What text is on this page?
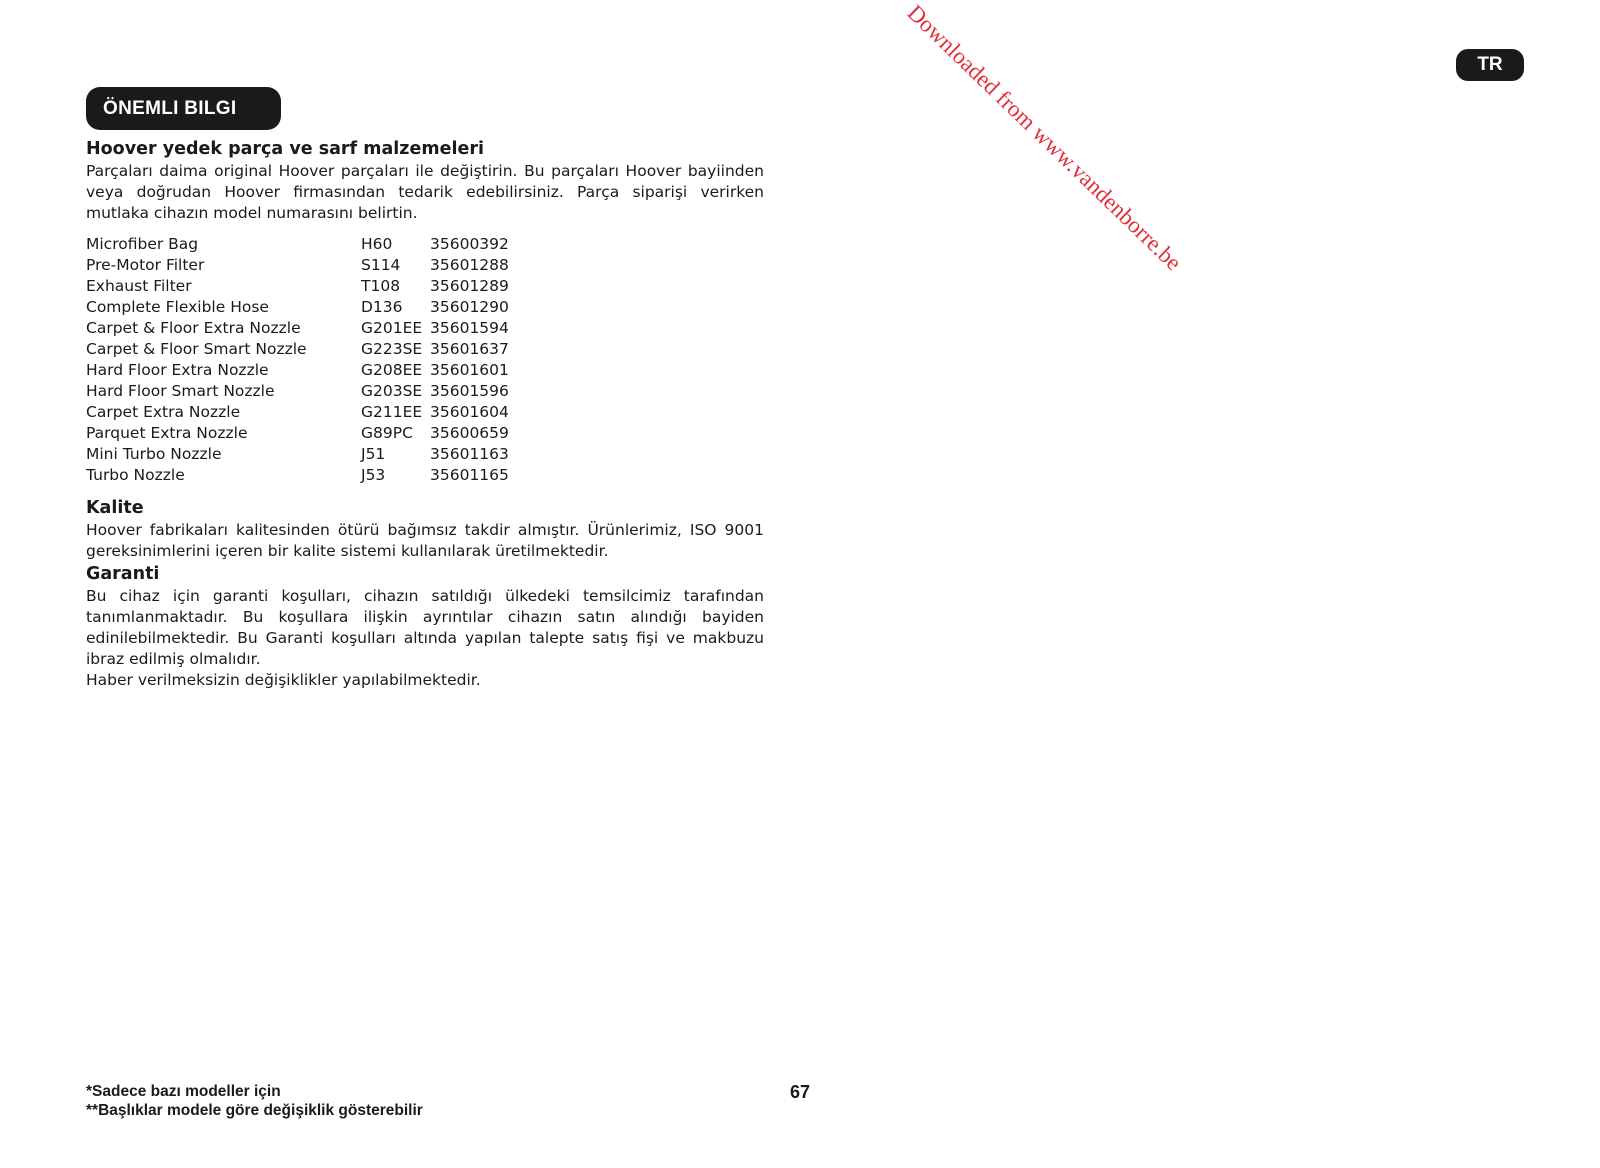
Downloaded from www.vandenborre.be	TR
ÖNEMLI BILGI
Hoover yedek parça ve sarf malzemeleri

Parçaları daima original Hoover parçaları ile değiştirin. Bu parçaları Hoover bayiinden veya doğrudan Hoover firmasından tedarik edebilirsiniz. Parça siparişi verirken mutlaka cihazın model numarasını belirtin.

Microfiber Bag	H60	35600392
Pre-Motor Filter	S114	35601288
Exhaust Filter	T108	35601289
Complete Flexible Hose	D136	35601290
Carpet & Floor Extra Nozzle	G201EE 35601594
Carpet & Floor Smart Nozzle	G223SE 35601637
Hard Floor Extra Nozzle	G208EE 35601601
Hard Floor Smart Nozzle	G203SE 35601596
Carpet Extra Nozzle	G211EE 35601604
Parquet Extra Nozzle	G89PC	35600659
Mini Turbo Nozzle	J51	35601163
Turbo Nozzle	J53	35601165
Kalite

Hoover fabrikaları kalitesinden ötürü bağımsız takdir almıştır. Ürünlerimiz, ISO 9001 gereksinimlerini içeren bir kalite sistemi kullanılarak üretilmektedir.

Garanti

Bu cihaz için garanti koşulları, cihazın satıldığı ülkedeki temsilcimiz tarafından tanımlanmaktadır. Bu koşullara ilişkin ayrıntılar cihazın satın alındığı bayiden edinilebilmektedir. Bu Garanti koşulları altında yapılan talepte satış fişi ve makbuzu ibraz edilmiş olmalıdır.

Haber verilmeksizin değişiklikler yapılabilmektedir.

*Sadece bazı modeller için
**Başlıklar modele göre değişiklik gösterebilir
67
